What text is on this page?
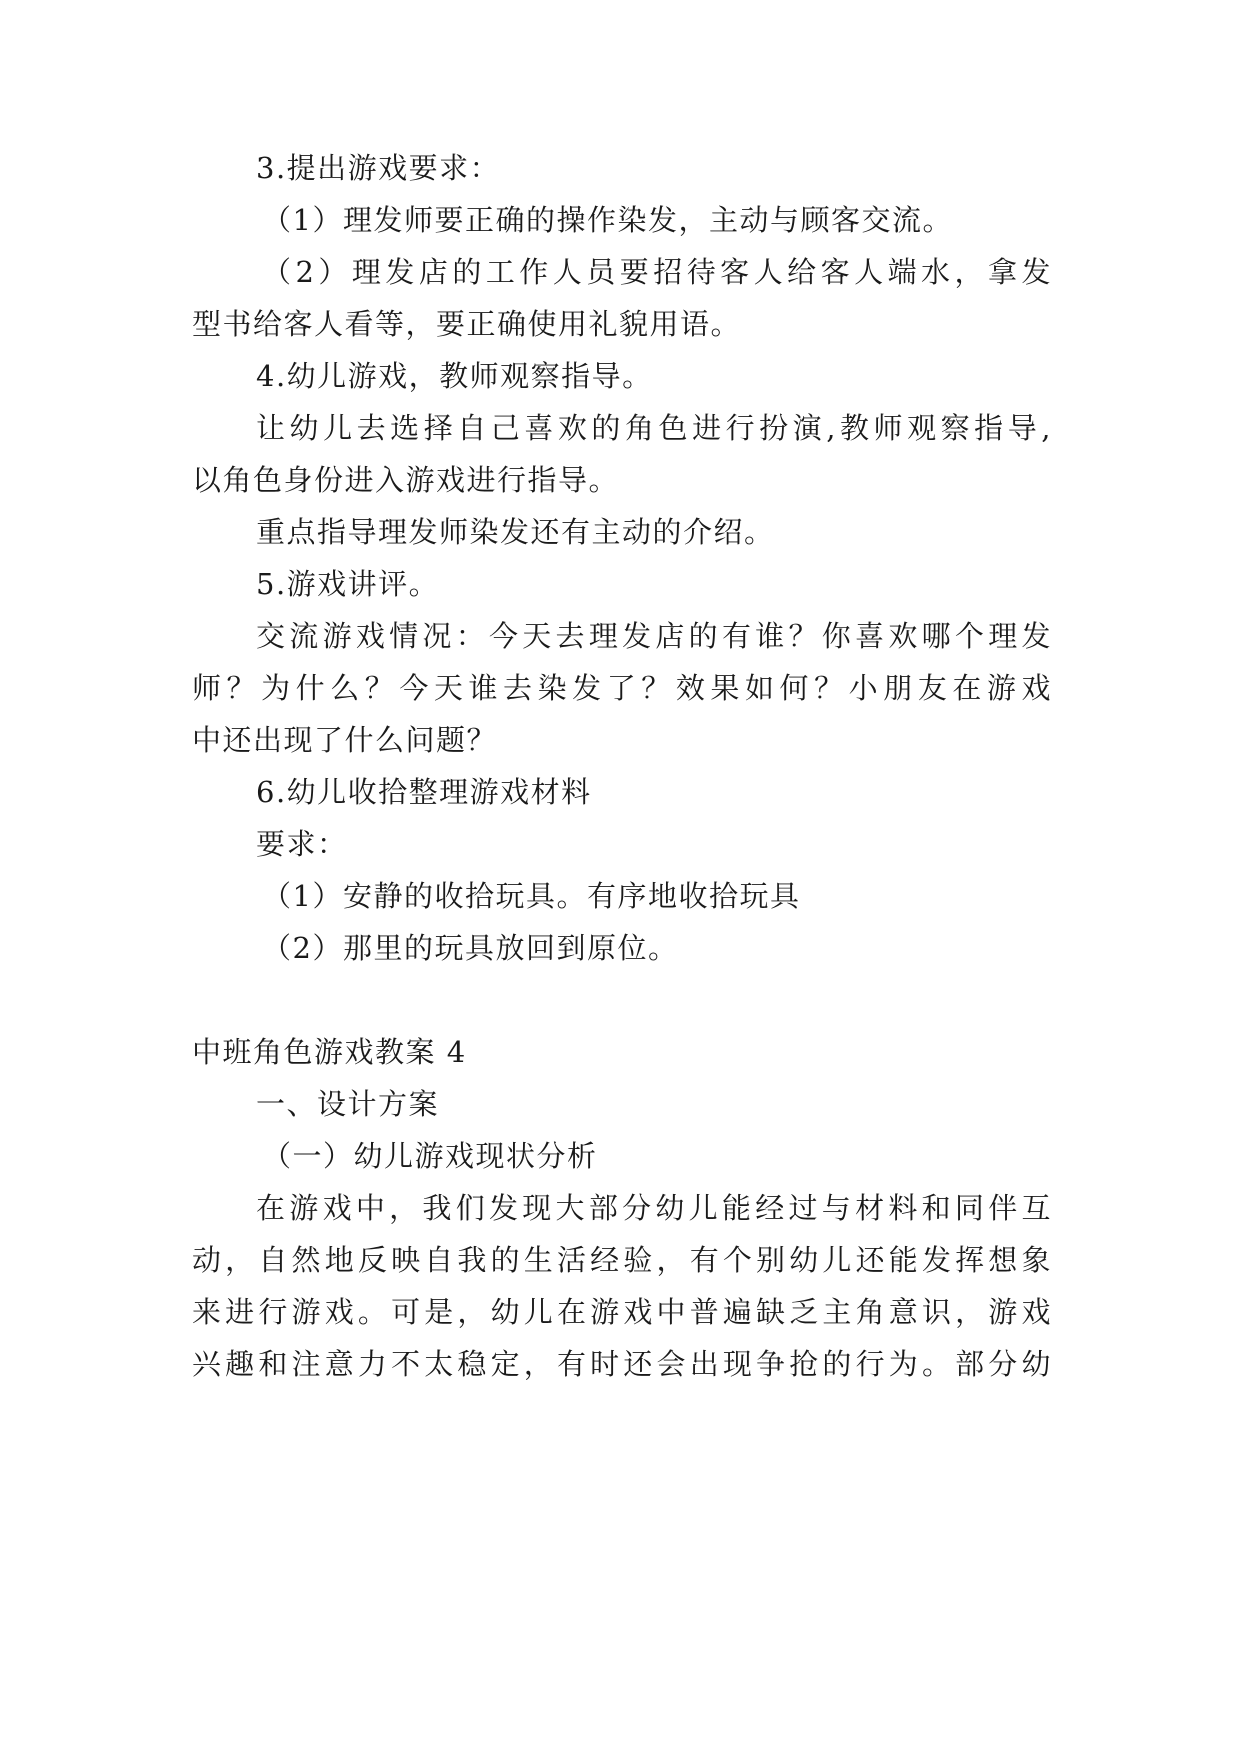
3.提出游戏要求：
（1）理发师要正确的操作染发，主动与顾客交流。
（2）理发店的工作人员要招待客人给客人端水，拿发
型书给客人看等，要正确使用礼貌用语。
4.幼儿游戏，教师观察指导。
让幼儿去选择自己喜欢的角色进行扮演,教师观察指导,
以角色身份进入游戏进行指导。
重点指导理发师染发还有主动的介绍。
5.游戏讲评。
交流游戏情况：今天去理发店的有谁？你喜欢哪个理发
师？为什么？今天谁去染发了？效果如何？小朋友在游戏
中还出现了什么问题？
6.幼儿收拾整理游戏材料
要求：
（1）安静的收拾玩具。有序地收拾玩具
（2）那里的玩具放回到原位。
中班角色游戏教案 4
一、设计方案
（一）幼儿游戏现状分析
在游戏中，我们发现大部分幼儿能经过与材料和同伴互
动，自然地反映自我的生活经验，有个别幼儿还能发挥想象
来进行游戏。可是，幼儿在游戏中普遍缺乏主角意识，游戏
兴趣和注意力不太稳定，有时还会出现争抢的行为。部分幼
